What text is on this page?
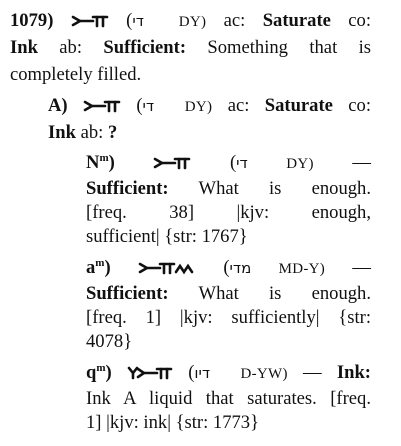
1079)	(די DY) ac: Saturate co:
Ink ab: Sufficient: Something that is
completely filled.
A)	(די DY) ac: Saturate co:
Ink ab: ?
$N^m$)	(די	DY) —
Sufficient: What is enough.
[freq. 38] |kjv: enough,
sufficient| {str: 1767}
$a^m$)	(מדי MD-Y) —
Sufficient: What is enough.
[freq. 1] |kjv: sufficiently| {str:
4078}
$q^m$)	(דיו D-YW) — Ink:
Ink A liquid that saturates. [freq.
1] |kjv: ink| {str: 1773}
